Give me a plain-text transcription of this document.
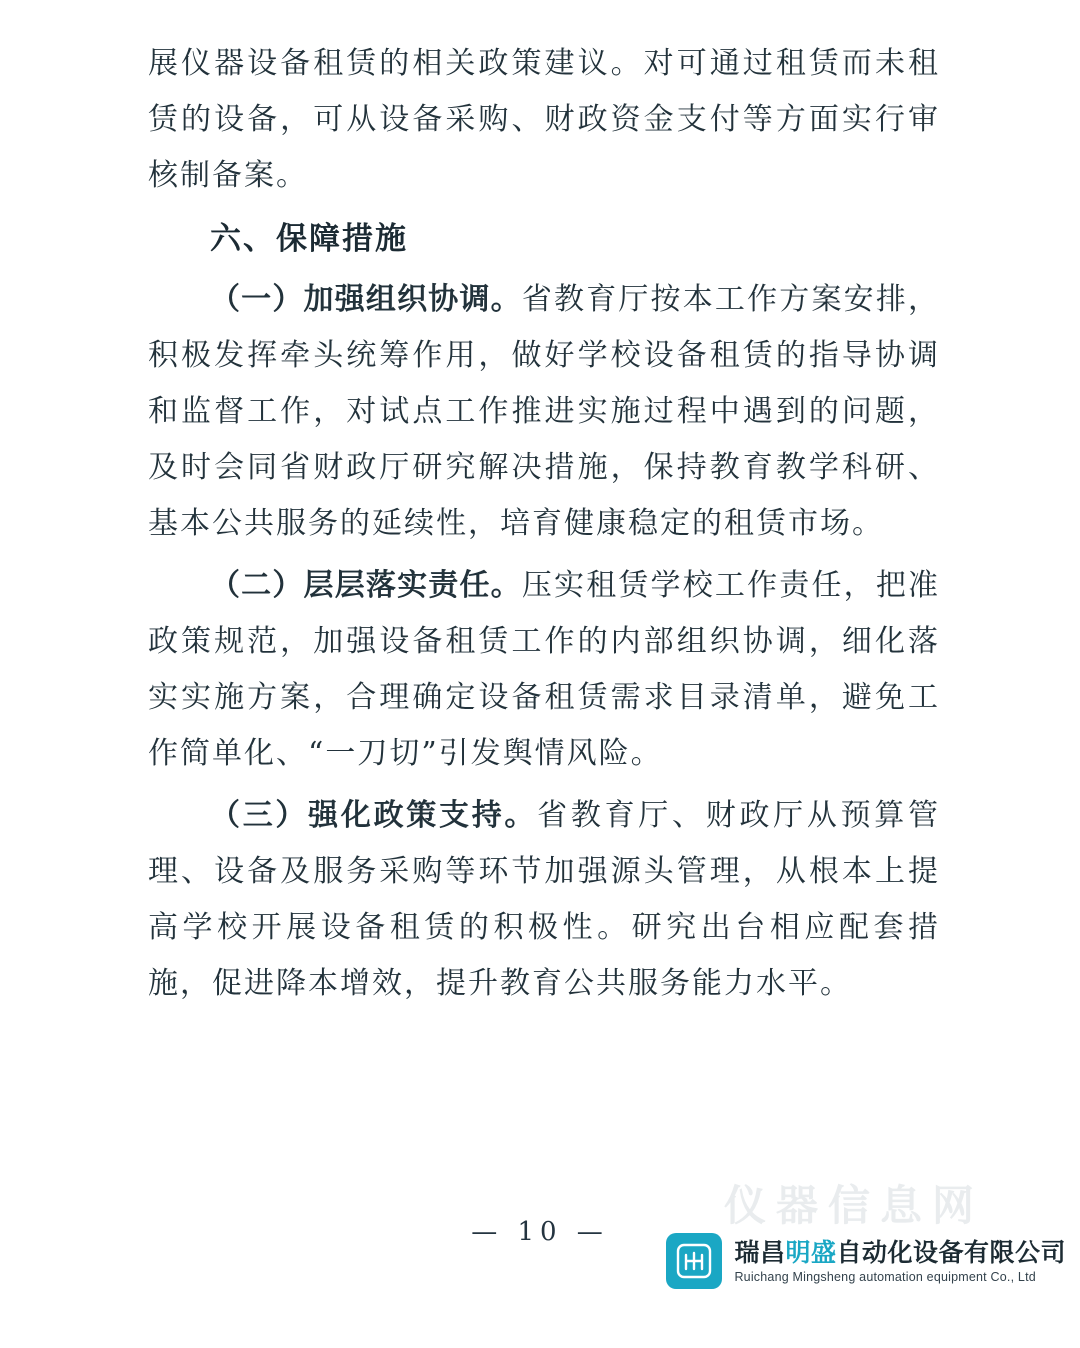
展仪器设备租赁的相关政策建议。对可通过租赁而未租赁的设备，可从设备采购、财政资金支付等方面实行审核制备案。

六、保障措施

（一）加强组织协调。省教育厅按本工作方案安排，积极发挥牵头统筹作用，做好学校设备租赁的指导协调和监督工作，对试点工作推进实施过程中遇到的问题，及时会同省财政厅研究解决措施，保持教育教学科研、基本公共服务的延续性，培育健康稳定的租赁市场。

（二）层层落实责任。压实租赁学校工作责任，把准政策规范，加强设备租赁工作的内部组织协调，细化落实实施方案，合理确定设备租赁需求目录清单，避免工作简单化、“一刀切”引发舆情风险。

（三）强化政策支持。省教育厅、财政厅从预算管理、设备及服务采购等环节加强源头管理，从根本上提高学校开展设备租赁的积极性。研究出台相应配套措施，促进降本增效，提升教育公共服务能力水平。

— 10 —
仪器信息网
瑞昌明盛自动化设备有限公司
Ruichang Mingsheng automation equipment Co., Ltd
